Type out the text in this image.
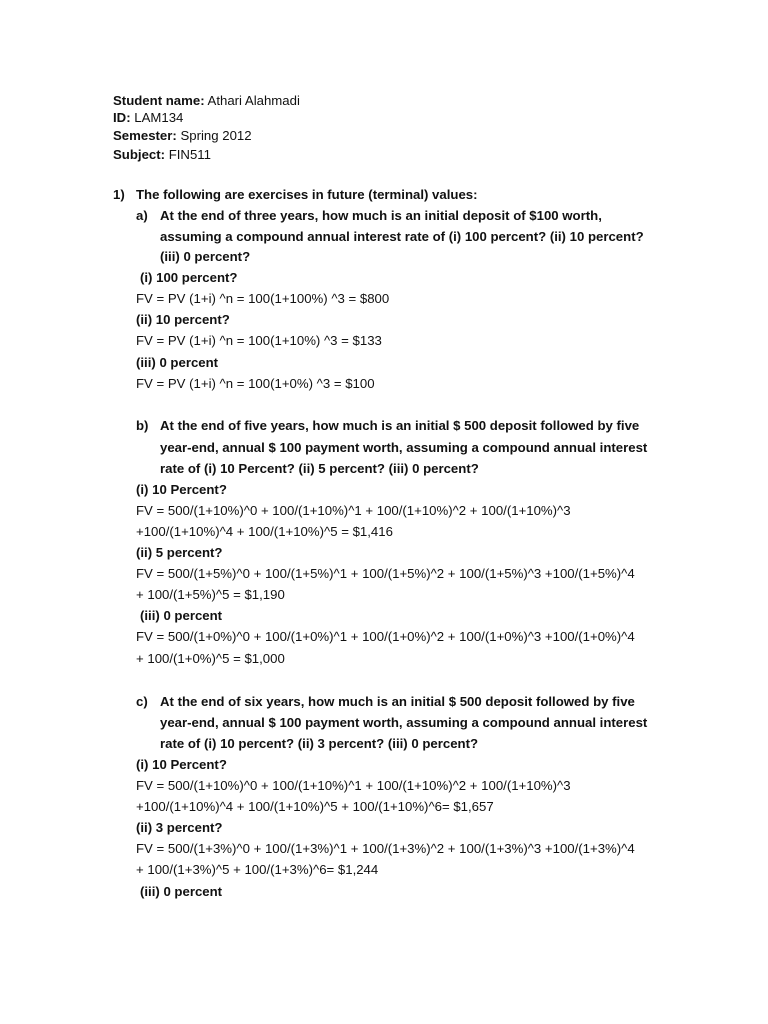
Student name: Athari Alahmadi
ID: LAM134
Semester: Spring 2012
Subject: FIN511
1) The following are exercises in future (terminal) values:
a) At the end of three years, how much is an initial deposit of $100 worth,
assuming a compound annual interest rate of (i) 100 percent? (ii) 10 percent?
(iii) 0 percent?
(i) 100 percent?
FV = PV (1+i) ^n = 100(1+100%) ^3 = $800
(ii) 10 percent?
FV = PV (1+i) ^n = 100(1+10%) ^3 = $133
(iii) 0 percent
FV = PV (1+i) ^n = 100(1+0%) ^3 = $100
b) At the end of five years, how much is an initial $ 500 deposit followed by five
year-end, annual $ 100 payment worth, assuming a compound annual interest
rate of (i) 10 Percent? (ii) 5 percent? (iii) 0 percent?
(i) 10 Percent?
FV = 500/(1+10%)^0 + 100/(1+10%)^1 + 100/(1+10%)^2 + 100/(1+10%)^3
+100/(1+10%)^4 + 100/(1+10%)^5 = $1,416
(ii) 5 percent?
FV = 500/(1+5%)^0 + 100/(1+5%)^1 + 100/(1+5%)^2 + 100/(1+5%)^3 +100/(1+5%)^4
+ 100/(1+5%)^5 = $1,190
(iii) 0 percent
FV = 500/(1+0%)^0 + 100/(1+0%)^1 + 100/(1+0%)^2 + 100/(1+0%)^3 +100/(1+0%)^4
+ 100/(1+0%)^5 = $1,000
c) At the end of six years, how much is an initial $ 500 deposit followed by five
year-end, annual $ 100 payment worth, assuming a compound annual interest
rate of (i) 10 percent? (ii) 3 percent? (iii) 0 percent?
(i) 10 Percent?
FV = 500/(1+10%)^0 + 100/(1+10%)^1 + 100/(1+10%)^2 + 100/(1+10%)^3
+100/(1+10%)^4 + 100/(1+10%)^5 + 100/(1+10%)^6= $1,657
(ii) 3 percent?
FV = 500/(1+3%)^0 + 100/(1+3%)^1 + 100/(1+3%)^2 + 100/(1+3%)^3 +100/(1+3%)^4
+ 100/(1+3%)^5 + 100/(1+3%)^6= $1,244
(iii) 0 percent
